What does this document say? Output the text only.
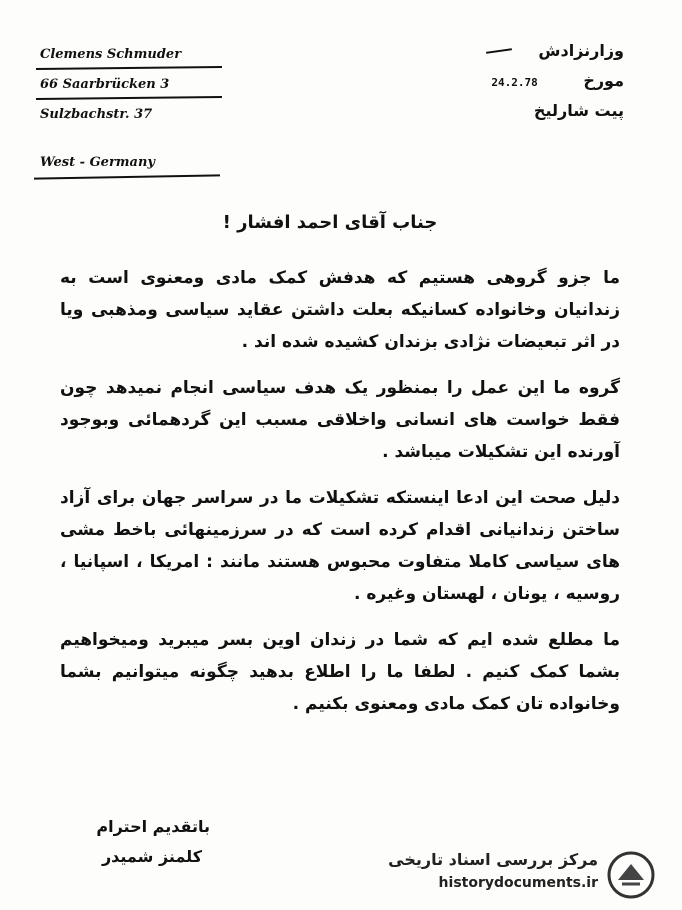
Clemens Schmuder
66 Saarbrücken 3
Sulzbachstr. 37
West - Germany
وزارنزادش
مورخ 24.2.78
پیت شارلیخ
جناب آقای احمد افشار !

ما جزو گروهی هستیم که هدفش کمک مادی ومعنوی است به زندانیان وخانواده کسانیکه بعلت داشتن عقاید سیاسی ومذهبی ویا در اثر تبعیضات نژادی بزندان کشیده شده اند .

گروه ما این عمل را بمنظور یک هدف سیاسی انجام نمیدهد چون فقط خواست های انسانی واخلاقی مسبب این گردهمائی وبوجود آورنده این تشکیلات میباشد .

دلیل صحت این ادعا اینستکه تشکیلات ما در سراسر جهان برای آزاد ساختن زندانیانی اقدام کرده است که در سرزمینهائی باخط مشی های سیاسی کاملا متفاوت محبوس هستند مانند : امریکا ، اسپانیا ، روسیه ، یونان ، لهستان وغیره .

ما مطلع شده ایم که شما در زندان اوین بسر میبرید ومیخواهیم بشما کمک کنیم . لطفا ما را اطلاع بدهید چگونه میتوانیم بشما وخانواده تان کمک مادی ومعنوی بکنیم .

باتقدیم احترام
کلمنز شمیدر	مرکز بررسی اسناد تاریخی
historydocuments.ir
